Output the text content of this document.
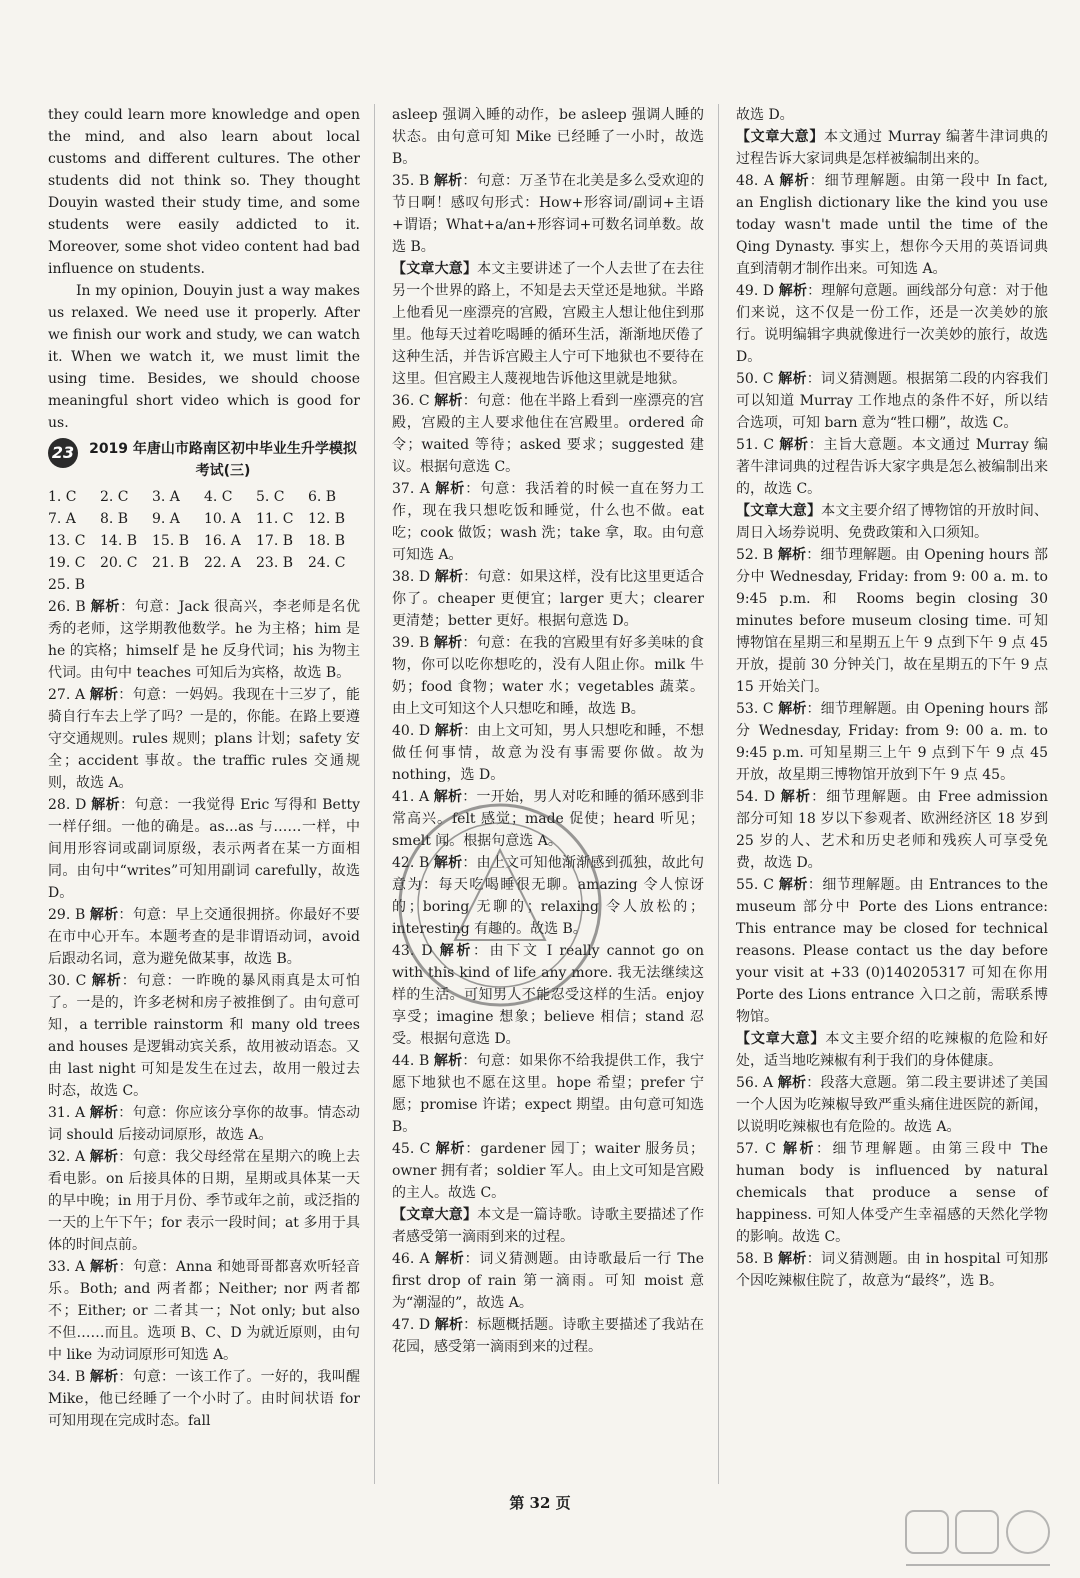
they could learn more knowledge and open the mind, and also learn about local customs and different cultures. The other students did not think so. They thought Douyin wasted their study time, and some students were easily addicted to it. Moreover, some shot video content had bad influence on students.

In my opinion, Douyin just a way makes us relaxed. We need use it properly. After we finish our work and study, we can watch it. When we watch it, we must limit the using time. Besides, we should choose meaningful short video which is good for us.

23 2019 年唐山市路南区初中毕业生升学模拟考试(三)
1. C	2. C	3. A	4. C	5. C	6. B
7. A	8. B	9. A	10. A	11. C	12. B
13. C	14. B	15. B	16. A	17. B	18. B
19. C	20. C	21. B	22. A	23. B	24. C
25. B

26. B 解析：句意：Jack 很高兴，李老师是名优秀的老师，这学期教他数学。he 为主格；him 是 he 的宾格；himself 是 he 反身代词；his 为物主代词。由句中 teaches 可知后为宾格，故选 B。

27. A 解析：句意：一妈妈。我现在十三岁了，能骑自行车去上学了吗？一是的，你能。在路上要遵守交通规则。rules 规则；plans 计划；safety 安全；accident 事故。the traffic rules 交通规则，故选 A。

28. D 解析：句意：一我觉得 Eric 写得和 Betty 一样仔细。一他的确是。as...as 与……一样，中间用形容词或副词原级，表示两者在某一方面相同。由句中“writes”可知用副词 carefully，故选 D。

29. B 解析：句意：早上交通很拥挤。你最好不要在市中心开车。本题考查的是非谓语动词，avoid 后跟动名词，意为避免做某事，故选 B。

30. C 解析：句意：一昨晚的暴风雨真是太可怕了。一是的，许多老树和房子被推倒了。由句意可知，a terrible rainstorm 和 many old trees and houses 是逻辑动宾关系，故用被动语态。又由 last night 可知是发生在过去，故用一般过去时态，故选 C。

31. A 解析：句意：你应该分享你的故事。情态动词 should 后接动词原形，故选 A。

32. A 解析：句意：我父母经常在星期六的晚上去看电影。on 后接具体的日期，星期或具体某一天的早中晚；in 用于月份、季节或年之前，或泛指的一天的上午下午；for 表示一段时间；at 多用于具体的时间点前。

33. A 解析：句意：Anna 和她哥哥都喜欢听轻音乐。Both; and 两者都；Neither; nor 两者都不；Either; or 二者其一；Not only; but also 不但……而且。选项 B、C、D 为就近原则，由句中 like 为动词原形可知选 A。

34. B 解析：句意：一该工作了。一好的，我叫醒 Mike，他已经睡了一个小时了。由时间状语 for 可知用现在完成时态。fall

asleep 强调入睡的动作，be asleep 强调人睡的状态。由句意可知 Mike 已经睡了一小时，故选 B。

35. B 解析：句意：万圣节在北美是多么受欢迎的节日啊！感叹句形式：How+形容词/副词+主语+谓语；What+a/an+形容词+可数名词单数。故选 B。

【文章大意】本文主要讲述了一个人去世了在去往另一个世界的路上，不知是去天堂还是地狱。半路上他看见一座漂亮的宫殿，宫殿主人想让他住到那里。他每天过着吃喝睡的循环生活，渐渐地厌倦了这种生活，并告诉宫殿主人宁可下地狱也不要待在这里。但宫殿主人蔑视地告诉他这里就是地狱。

36. C 解析：句意：他在半路上看到一座漂亮的宫殿，宫殿的主人要求他住在宫殿里。ordered 命令；waited 等待；asked 要求；suggested 建议。根据句意选 C。

37. A 解析：句意：我活着的时候一直在努力工作，现在我只想吃饭和睡觉，什么也不做。eat 吃；cook 做饭；wash 洗；take 拿，取。由句意可知选 A。

38. D 解析：句意：如果这样，没有比这里更适合你了。cheaper 更便宜；larger 更大；clearer 更清楚；better 更好。根据句意选 D。

39. B 解析：句意：在我的宫殿里有好多美味的食物，你可以吃你想吃的，没有人阻止你。milk 牛奶；food 食物；water 水；vegetables 蔬菜。由上文可知这个人只想吃和睡，故选 B。

40. D 解析：由上文可知，男人只想吃和睡，不想做任何事情，故意为没有事需要你做。故为 nothing，选 D。

41. A 解析：一开始，男人对吃和睡的循环感到非常高兴。felt 感觉；made 促使；heard 听见；smelt 闻。根据句意选 A。

42. B 解析：由上文可知他渐渐感到孤独，故此句意为：每天吃喝睡很无聊。amazing 令人惊讶的；boring 无聊的；relaxing 令人放松的；interesting 有趣的。故选 B。

43. D 解析：由下文 I really cannot go on with this kind of life any more. 我无法继续这样的生活。可知男人不能忍受这样的生活。enjoy 享受；imagine 想象；believe 相信；stand 忍受。根据句意选 D。

44. B 解析：句意：如果你不给我提供工作，我宁愿下地狱也不愿在这里。hope 希望；prefer 宁愿；promise 许诺；expect 期望。由句意可知选 B。

45. C 解析：gardener 园丁；waiter 服务员；owner 拥有者；soldier 军人。由上文可知是宫殿的主人。故选 C。

【文章大意】本文是一篇诗歌。诗歌主要描述了作者感受第一滴雨到来的过程。

46. A 解析：词义猜测题。由诗歌最后一行 The first drop of rain 第一滴雨。可知 moist 意为“潮湿的”，故选 A。

47. D 解析：标题概括题。诗歌主要描述了我站在花园，感受第一滴雨到来的过程。

故选 D。

【文章大意】本文通过 Murray 编著牛津词典的过程告诉大家词典是怎样被编制出来的。

48. A 解析：细节理解题。由第一段中 In fact, an English dictionary like the kind you use today wasn't made until the time of the Qing Dynasty. 事实上，想你今天用的英语词典直到清朝才制作出来。可知选 A。

49. D 解析：理解句意题。画线部分句意：对于他们来说，这不仅是一份工作，还是一次美妙的旅行。说明编辑字典就像进行一次美妙的旅行，故选 D。

50. C 解析：词义猜测题。根据第二段的内容我们可以知道 Murray 工作地点的条件不好，所以结合选项，可知 barn 意为“牲口棚”，故选 C。

51. C 解析：主旨大意题。本文通过 Murray 编著牛津词典的过程告诉大家字典是怎么被编制出来的，故选 C。

【文章大意】本文主要介绍了博物馆的开放时间、周日入场券说明、免费政策和入口须知。

52. B 解析：细节理解题。由 Opening hours 部分中 Wednesday, Friday: from 9: 00 a. m. to 9:45 p.m. 和 Rooms begin closing 30 minutes before museum closing time. 可知博物馆在星期三和星期五上午 9 点到下午 9 点 45 开放，提前 30 分钟关门，故在星期五的下午 9 点 15 开始关门。

53. C 解析：细节理解题。由 Opening hours 部分 Wednesday, Friday: from 9: 00 a. m. to 9:45 p.m. 可知星期三上午 9 点到下午 9 点 45 开放，故星期三博物馆开放到下午 9 点 45。

54. D 解析：细节理解题。由 Free admission 部分可知 18 岁以下参观者、欧洲经济区 18 岁到 25 岁的人、艺术和历史老师和残疾人可享受免费，故选 D。

55. C 解析：细节理解题。由 Entrances to the museum 部分中 Porte des Lions entrance: This entrance may be closed for technical reasons. Please contact us the day before your visit at +33 (0)140205317 可知在你用 Porte des Lions entrance 入口之前，需联系博物馆。

【文章大意】本文主要介绍的吃辣椒的危险和好处，适当地吃辣椒有利于我们的身体健康。

56. A 解析：段落大意题。第二段主要讲述了美国一个人因为吃辣椒导致严重头痛住进医院的新闻，以说明吃辣椒也有危险的。故选 A。

57. C 解析：细节理解题。由第三段中 The human body is influenced by natural chemicals that produce a sense of happiness. 可知人体受产生幸福感的天然化学物的影响。故选 C。

58. B 解析：词义猜测题。由 in hospital 可知那个因吃辣椒住院了，故意为“最终”，选 B。

第 32 页
